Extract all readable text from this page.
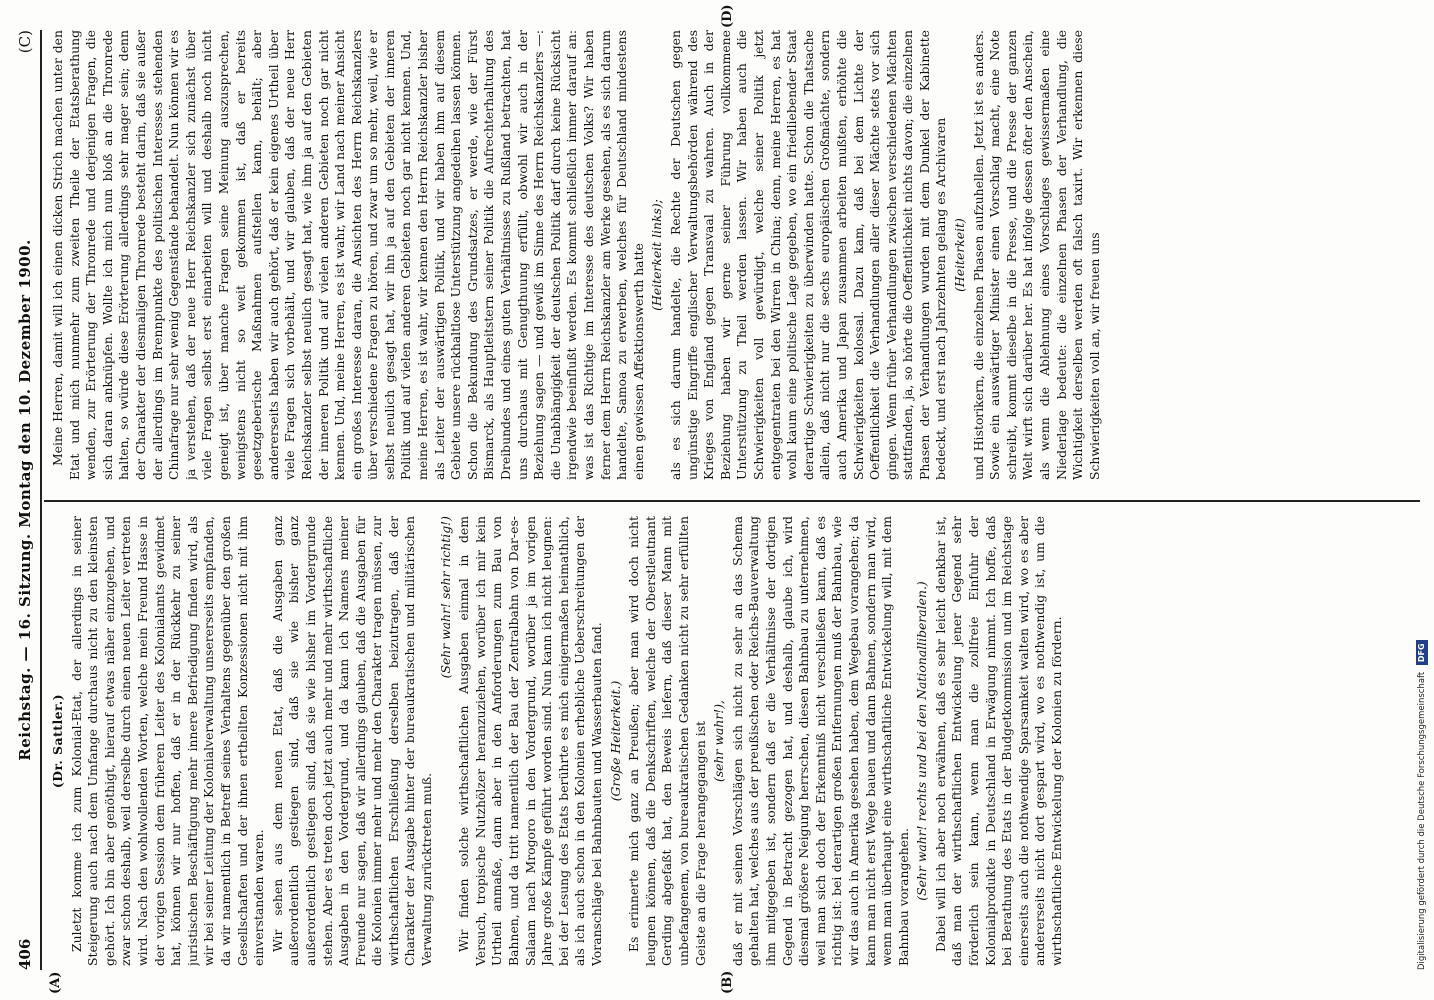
406
Reichstag. — 16. Sitzung. Montag den 10. Dezember 1900.
(C)
(A)	(B)
(D)

(Dr. Sattler.) Zuletzt komme ich zum Kolonial-Etat, der allerdings in seiner Steigerung auch nach dem Umfange durchaus nicht zu den kleinsten gehört. Ich bin aber genöthigt, hierauf etwas näher einzugehen, und zwar schon deshalb, weil derselbe durch einen neuen Leiter vertreten wird. Nach den wohlwollenden Worten, welche mein Freund Hasse in der vorigen Session dem früheren Leiter des Kolonialamts gewidmet hat, können wir nur hoffen, daß er in der Rückkehr zu seiner juristischen Beschäftigung mehr innere Befriedigung finden wird, als wir bei seiner Leitung der Kolonialverwaltung unsererseits empfanden, da wir namentlich in Betreff seines Verhaltens gegenüber den großen Gesellschaften und der ihnen ertheilten Konzessionen nicht mit ihm einverstanden waren. Wir sehen aus dem neuen Etat, daß die Ausgaben ganz außerordentlich gestiegen sind, daß sie wie bisher ganz außerordentlich gestiegen sind, daß sie wie bisher im Vordergrunde stehen. Aber es treten doch jetzt auch mehr und mehr wirthschaftliche Ausgaben in den Vordergrund, und da kann ich Namens meiner Freunde nur sagen, daß wir allerdings glauben, daß die Ausgaben für die Kolonien immer mehr und mehr den Charakter tragen müssen, zur wirthschaftlichen Erschließung derselben beizutragen, daß der Charakter der Ausgabe hinter der bureaukratischen und militärischen Verwaltung zurücktreten muß.

(Sehr wahr! sehr richtig!) Wir finden solche wirthschaftlichen Ausgaben einmal in dem Versuch, tropische Nutzhölzer heranzuziehen, worüber ich mir kein Urtheil anmaße, dann aber in den Anforderungen zum Bau von Bahnen, und da tritt namentlich der Bau der Zentralbahn von Dar-es-Salaam nach Mrogoro in den Vordergrund, worüber ja im vorigen Jahre große Kämpfe geführt worden sind. Nun kann ich nicht leugnen: bei der Lesung des Etats berührte es mich einigermaßen heimathlich, als ich auch schon in den Kolonien erhebliche Ueberschreitungen der Voranschläge bei Bahnbauten und Wasserbauten fand. (Große Heiterkeit.) Es erinnerte mich ganz an Preußen; aber man wird doch nicht leugnen können, daß die Denkschriften, welche der Oberstleutnant Gerding abgefaßt hat, den Beweis liefern, daß dieser Mann mit unbefangenem, von bureaukratischen Gedanken nicht zu sehr erfüllten Geiste an die Frage herangegangen ist (sehr wahr!), daß er mit seinen Vorschlägen sich nicht zu sehr an das Schema gehalten hat, welches aus der preußischen oder Reichs-Bauverwaltung ihm mitgegeben ist, sondern daß er die Verhältnisse der dortigen Gegend in Betracht gezogen hat, und deshalb, glaube ich, wird diesmal größere Neigung herrschen, diesen Bahnbau zu unternehmen, weil man sich doch der Erkenntniß nicht verschließen kann, daß es richtig ist: bei derartigen großen Entfernungen muß der Bahnbau, wie wir das auch in Amerika gesehen haben, dem Wegebau vorangehen; da kann man nicht erst Wege bauen und dann Bahnen, sondern man wird, wenn man überhaupt eine wirthschaftliche Entwickelung will, mit dem Bahnbau vorangehen. (Sehr wahr! rechts und bei den Nationalliberalen.) Dabei will ich aber noch erwähnen, daß es sehr leicht denkbar ist, daß man der wirthschaftlichen Entwickelung jener Gegend sehr förderlich sein kann, wenn man die zollfreie Einfuhr der Kolonialprodukte in Deutschland in Erwägung nimmt. Ich hoffe, daß bei Berathung des Etats in der Budgetkommission und im Reichstage einerseits auch die nothwendige Sparsamkeit walten wird, wo es aber andererseits nicht dort gespart wird, wo es nothwendig ist, um die wirthschaftliche Entwickelung der Kolonien zu fördern.

Meine Herren, damit will ich einen dicken Strich machen unter den Etat und mich nunmehr zum zweiten Theile der Etatsberathung wenden, zur Erörterung der Thronrede und derjenigen Fragen, die sich daran anknüpfen. Wollte ich mich nun bloß an die Thronrede halten, so würde diese Erörterung allerdings sehr mager sein; denn der Charakter der diesmaligen Thronrede besteht darin, daß sie außer der allerdings im Brennpunkte des politischen Interesses stehenden Chinafrage nur sehr wenig Gegenstände behandelt. Nun können wir es ja verstehen, daß der neue Herr Reichskanzler sich zunächst über viele Fragen selbst erst einarbeiten will und deshalb noch nicht geneigt ist, über manche Fragen seine Meinung auszusprechen, wenigstens nicht so weit gekommen ist, daß er bereits gesetzgeberische Maßnahmen aufstellen kann, behält; aber andererseits haben wir auch gehört, daß er kein eigenes Urtheil über viele Fragen sich vorbehält, und wir glauben, daß der neue Herr Reichskanzler selbst neulich gesagt hat, wie ihm ja auf den Gebieten der inneren Politik und auf vielen anderen Gebieten noch gar nicht kennen. Und, meine Herren, es ist wahr, wir Land nach meiner Ansicht ein großes Interesse daran, die Ansichten des Herrn Reichskanzlers über verschiedene Fragen zu hören, und zwar um so mehr, weil, wie er selbst neulich gesagt hat, wir ihn ja auf den Gebieten der inneren Politik und auf vielen anderen Gebieten noch gar nicht kennen. Und, meine Herren, es ist wahr, wir kennen den Herrn Reichskanzler bisher als Leiter der auswärtigen Politik, und wir haben ihm auf diesem Gebiete unsere rückhaltlose Unterstützung angedeihen lassen können. Schon die Bekundung des Grundsatzes, er werde, wie der Fürst Bismarck, als Hauptleitstern seiner Politik die Aufrechterhaltung des Dreibundes und eines guten Verhältnisses zu Rußland betrachten, hat uns durchaus mit Genugthuung erfüllt, obwohl wir auch in der Beziehung sagen — und gewiß im Sinne des Herrn Reichskanzlers —: die Unabhängigkeit der deutschen Politik darf durch keine Rücksicht irgendwie beeinflußt werden. Es kommt schließlich immer darauf an: was ist das Richtige im Interesse des deutschen Volks? Wir haben ferner dem Herrn Reichskanzler am Werke gesehen, als es sich darum handelte, Samoa zu erwerben, welches für Deutschland mindestens einen gewissen Affektionswerth hatte (Heiterkeit links); als es sich darum handelte, die Rechte der Deutschen gegen ungünstige Eingriffe englischer Verwaltungsbehörden während des Krieges von England gegen Transvaal zu wahren. Auch in der Beziehung haben wir gerne seiner Führung vollkommene Unterstützung zu Theil werden lassen. Wir haben auch die Schwierigkeiten voll gewürdigt, welche seiner Politik jetzt entgegentraten bei den Wirren in China; denn, meine Herren, es hat wohl kaum eine politische Lage gegeben, wo ein friedliebender Staat derartige Schwierigkeiten zu überwinden hatte. Schon die Thatsache allein, daß nicht nur die sechs europäischen Großmächte, sondern auch Amerika und Japan zusammen arbeiten mußten, erhöhte die Schwierigkeiten kolossal. Dazu kam, daß bei dem Lichte der Oeffentlichkeit die Verhandlungen aller dieser Mächte stets vor sich gingen. Wenn früher Verhandlungen zwischen verschiedenen Mächten stattfanden, ja, so hörte die Oeffentlichkeit nichts davon; die einzelnen Phasen der Verhandlungen wurden mit dem Dunkel der Kabinette bedeckt, und erst nach Jahrzehnten gelang es Archivaren (Heiterkeit) und Historikern, die einzelnen Phasen aufzuhellen. Jetzt ist es anders. Sowie ein auswärtiger Minister einen Vorschlag macht, eine Note schreibt, kommt dieselbe in die Presse, und die Presse der ganzen Welt wirft sich darüber her. Es hat infolge dessen öfter den Anschein, als wenn die Ablehnung eines Vorschlages gewissermaßen eine Niederlage bedeute: die einzelnen Phasen der Verhandlung, die Wichtigkeit derselben werden oft falsch taxirt. Wir erkennen diese Schwierigkeiten voll an, wir freuen uns

Digitalisierung gefördert durch die Deutsche Forschungsgemeinschaft DFG
